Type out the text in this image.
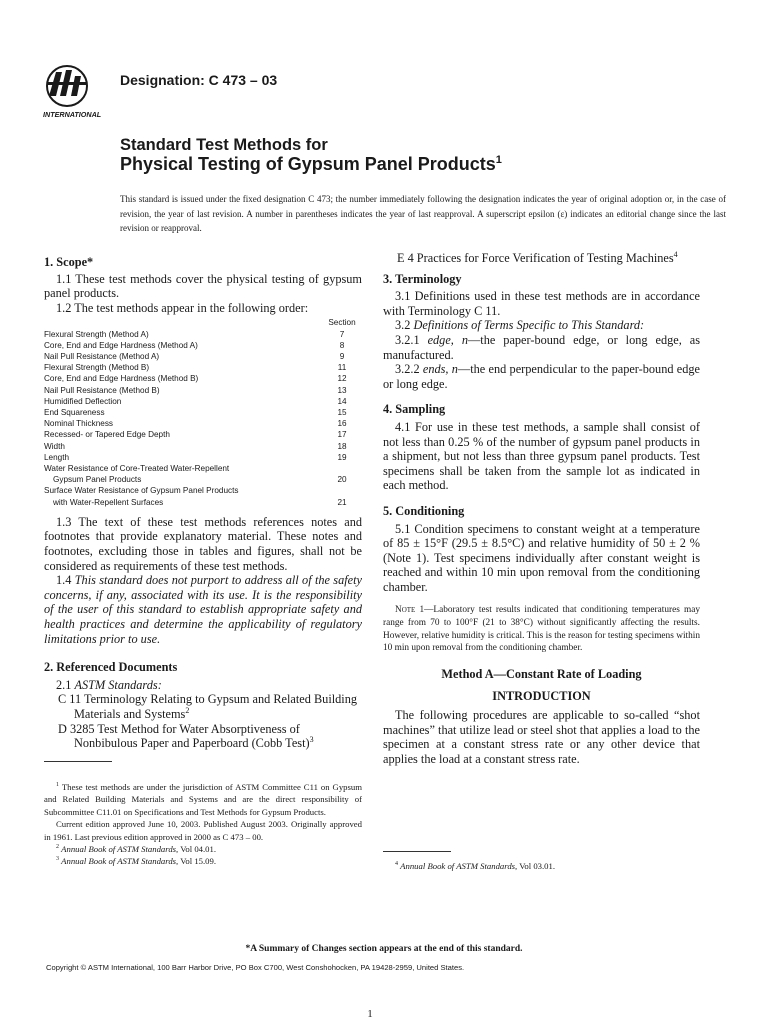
INTERNATIONAL
Designation: C 473 – 03
Standard Test Methods for
Physical Testing of Gypsum Panel Products$^1$
This standard is issued under the fixed designation C 473; the number immediately following the designation indicates the year of original adoption or, in the case of revision, the year of last revision. A number in parentheses indicates the year of last reapproval. A superscript epsilon (ε) indicates an editorial change since the last revision or reapproval.
1. Scope*

1.1 These test methods cover the physical testing of gypsum panel products.

1.2 The test methods appear in the following order:

	Section
Flexural Strength (Method A)	7
Core, End and Edge Hardness (Method A)	8
Nail Pull Resistance (Method A)	9
Flexural Strength (Method B)	11
Core, End and Edge Hardness (Method B)	12
Nail Pull Resistance (Method B)	13
Humidified Deflection	14
End Squareness	15
Nominal Thickness	16
Recessed- or Tapered Edge Depth	17
Width	18
Length	19
Water Resistance of Core-Treated Water-Repellent	
Gypsum Panel Products	20
Surface Water Resistance of Gypsum Panel Products	
with Water-Repellent Surfaces	21

1.3 The text of these test methods references notes and footnotes that provide explanatory material. These notes and footnotes, excluding those in tables and figures, shall not be considered as requirements of these test methods.

1.4 This standard does not purport to address all of the safety concerns, if any, associated with its use. It is the responsibility of the user of this standard to establish appropriate safety and health practices and determine the applicability of regulatory limitations prior to use.

2. Referenced Documents

2.1 ASTM Standards:

C 11 Terminology Relating to Gypsum and Related Building Materials and Systems$^2$

D 3285 Test Method for Water Absorptiveness of Nonbibulous Paper and Paperboard (Cobb Test)$^3$

$^1$ These test methods are under the jurisdiction of ASTM Committee C11 on Gypsum and Related Building Materials and Systems and are the direct responsibility of Subcommittee C11.01 on Specifications and Test Methods for Gypsum Products.

Current edition approved June 10, 2003. Published August 2003. Originally approved in 1961. Last previous edition approved in 2000 as C 473 – 00.

$^2$ Annual Book of ASTM Standards, Vol 04.01.

$^3$ Annual Book of ASTM Standards, Vol 15.09.

E 4 Practices for Force Verification of Testing Machines$^4$

3. Terminology

3.1 Definitions used in these test methods are in accordance with Terminology C 11.

3.2 Definitions of Terms Specific to This Standard:

3.2.1 edge, n—the paper-bound edge, or long edge, as manufactured.

3.2.2 ends, n—the end perpendicular to the paper-bound edge or long edge.

4. Sampling

4.1 For use in these test methods, a sample shall consist of not less than 0.25 % of the number of gypsum panel products in a shipment, but not less than three gypsum panel products. Test specimens shall be taken from the sample lot as indicated in each method.

5. Conditioning

5.1 Condition specimens to constant weight at a temperature of 85 ± 15°F (29.5 ± 8.5°C) and relative humidity of 50 ± 2 % (Note 1). Test specimens individually after constant weight is reached and within 10 min upon removal from the conditioning chamber.

Note 1—Laboratory test results indicated that conditioning temperatures may range from 70 to 100°F (21 to 38°C) without significantly affecting the results. However, relative humidity is critical. This is the reason for testing specimens within 10 min upon removal from the conditioning chamber.

Method A—Constant Rate of Loading

INTRODUCTION

The following procedures are applicable to so-called “shot machines” that utilize lead or steel shot that applies a load to the specimen at a constant stress rate or any other device that applies the load at a constant stress rate.

$^4$ Annual Book of ASTM Standards, Vol 03.01.

*A Summary of Changes section appears at the end of this standard.
Copyright © ASTM International, 100 Barr Harbor Drive, PO Box C700, West Conshohocken, PA 19428-2959, United States.
1
